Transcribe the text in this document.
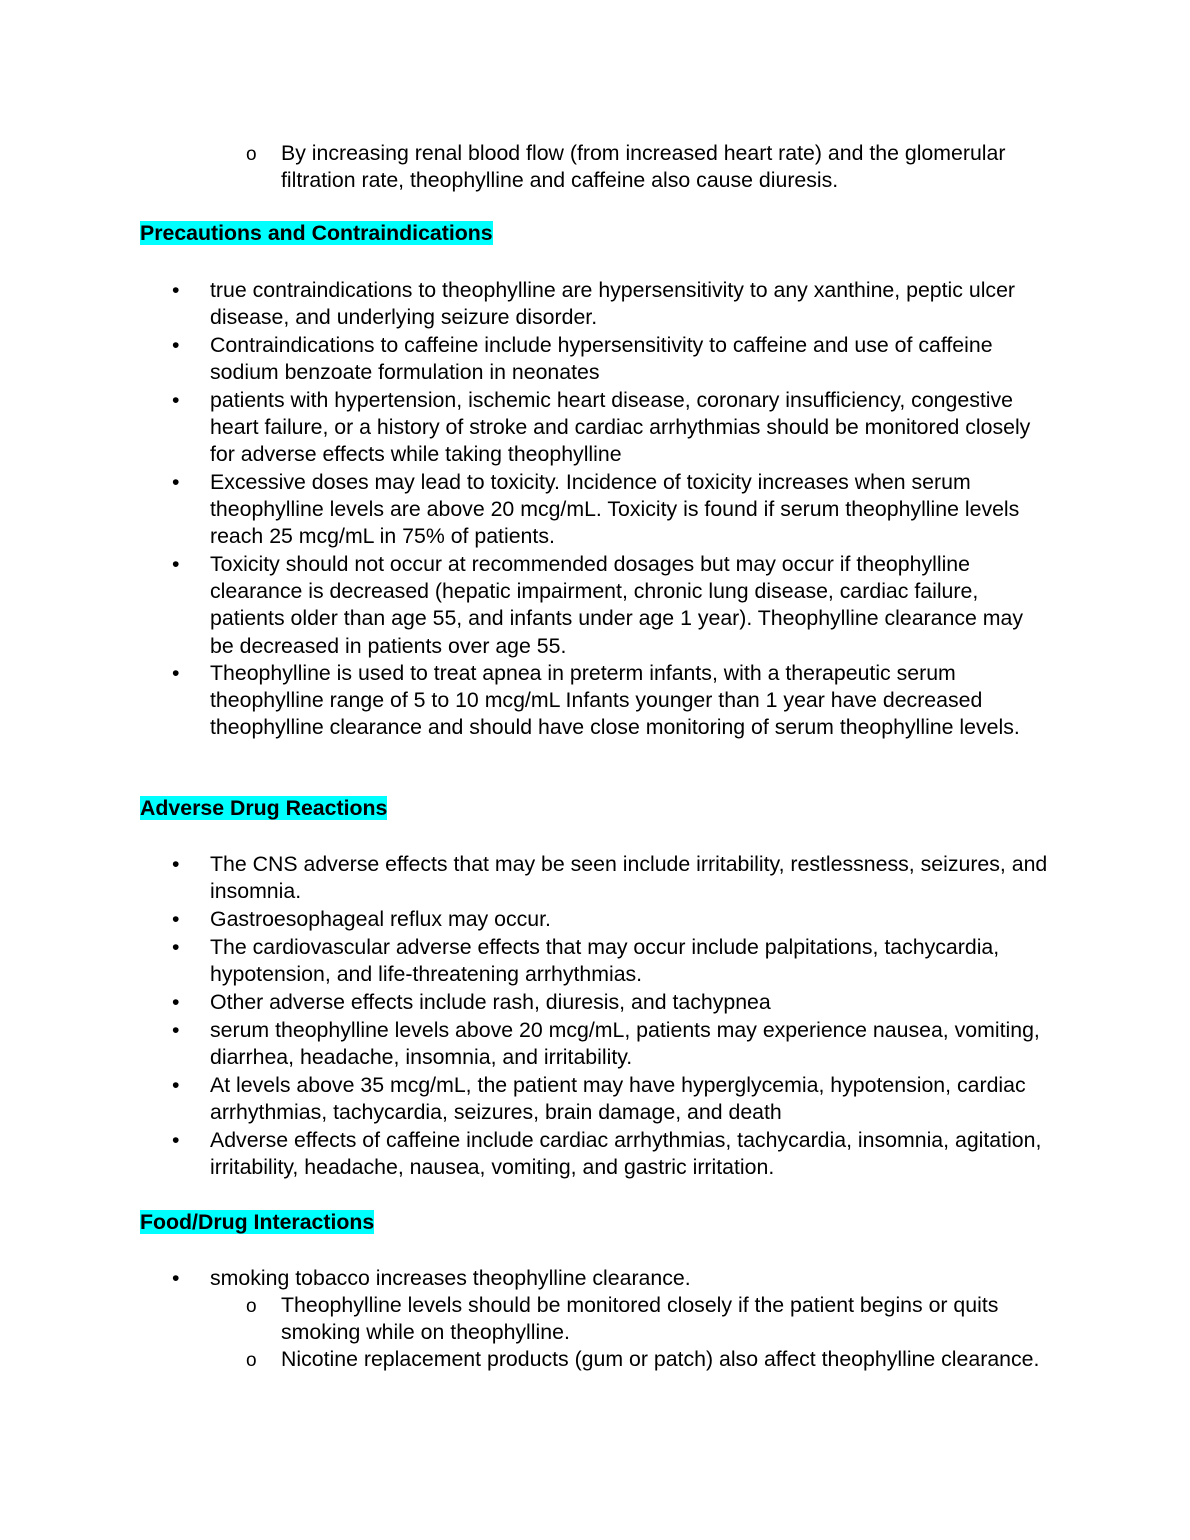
o By increasing renal blood flow (from increased heart rate) and the glomerular filtration rate, theophylline and caffeine also cause diuresis.

Precautions and Contraindications

• true contraindications to theophylline are hypersensitivity to any xanthine, peptic ulcer disease, and underlying seizure disorder.

• Contraindications to caffeine include hypersensitivity to caffeine and use of caffeine sodium benzoate formulation in neonates

• patients with hypertension, ischemic heart disease, coronary insufficiency, congestive heart failure, or a history of stroke and cardiac arrhythmias should be monitored closely for adverse effects while taking theophylline

• Excessive doses may lead to toxicity. Incidence of toxicity increases when serum theophylline levels are above 20 mcg/mL. Toxicity is found if serum theophylline levels reach 25 mcg/mL in 75% of patients.

• Toxicity should not occur at recommended dosages but may occur if theophylline clearance is decreased (hepatic impairment, chronic lung disease, cardiac failure, patients older than age 55, and infants under age 1 year). Theophylline clearance may be decreased in patients over age 55.

• Theophylline is used to treat apnea in preterm infants, with a therapeutic serum theophylline range of 5 to 10 mcg/mL Infants younger than 1 year have decreased theophylline clearance and should have close monitoring of serum theophylline levels.

Adverse Drug Reactions

• The CNS adverse effects that may be seen include irritability, restlessness, seizures, and insomnia.

• Gastroesophageal reflux may occur.

• The cardiovascular adverse effects that may occur include palpitations, tachycardia, hypotension, and life-threatening arrhythmias.

• Other adverse effects include rash, diuresis, and tachypnea

• serum theophylline levels above 20 mcg/mL, patients may experience nausea, vomiting, diarrhea, headache, insomnia, and irritability.

• At levels above 35 mcg/mL, the patient may have hyperglycemia, hypotension, cardiac arrhythmias, tachycardia, seizures, brain damage, and death

• Adverse effects of caffeine include cardiac arrhythmias, tachycardia, insomnia, agitation, irritability, headache, nausea, vomiting, and gastric irritation.

Food/Drug Interactions

• smoking tobacco increases theophylline clearance.

o Theophylline levels should be monitored closely if the patient begins or quits smoking while on theophylline.

o Nicotine replacement products (gum or patch) also affect theophylline clearance.
